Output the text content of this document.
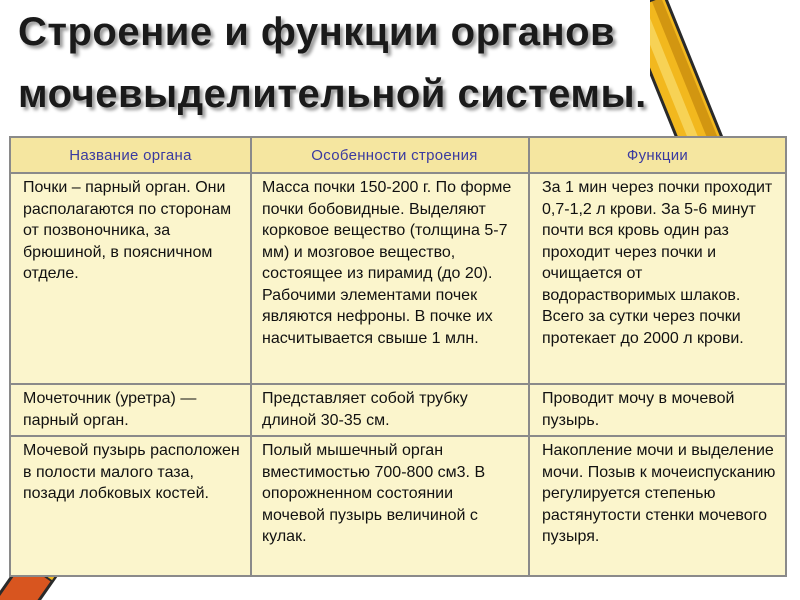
Строение и функции органов
мочевыделительной системы.
Название органа	Особенности строения	Функции
Почки – парный орган. Они располагаются по сторонам от позвоночника, за брюшиной, в поясничном отделе.	Масса почки 150-200 г. По форме почки бобовидные. Выделяют корковое вещество (толщина 5-7 мм) и мозговое вещество, состоящее из пирамид (до 20). Рабочими элементами почек являются нефроны. В почке их насчитывается свыше 1 млн.	За 1 мин через почки проходит 0,7-1,2 л крови. За 5-6 минут почти вся кровь один раз проходит через почки и очищается от водорастворимых шлаков. Всего за сутки через почки протекает до 2000 л крови.
Мочеточник (уретра) — парный орган.	Представляет собой трубку длиной 30-35 см.	Проводит мочу в мочевой пузырь.
Мочевой пузырь расположен в полости малого таза, позади лобковых костей.	Полый мышечный орган вместимостью 700-800 см3. В опорожненном состоянии мочевой пузырь величиной с кулак.	Накопление мочи и выделение мочи. Позыв к мочеиспусканию регулируется степенью растянутости стенки мочевого пузыря.
